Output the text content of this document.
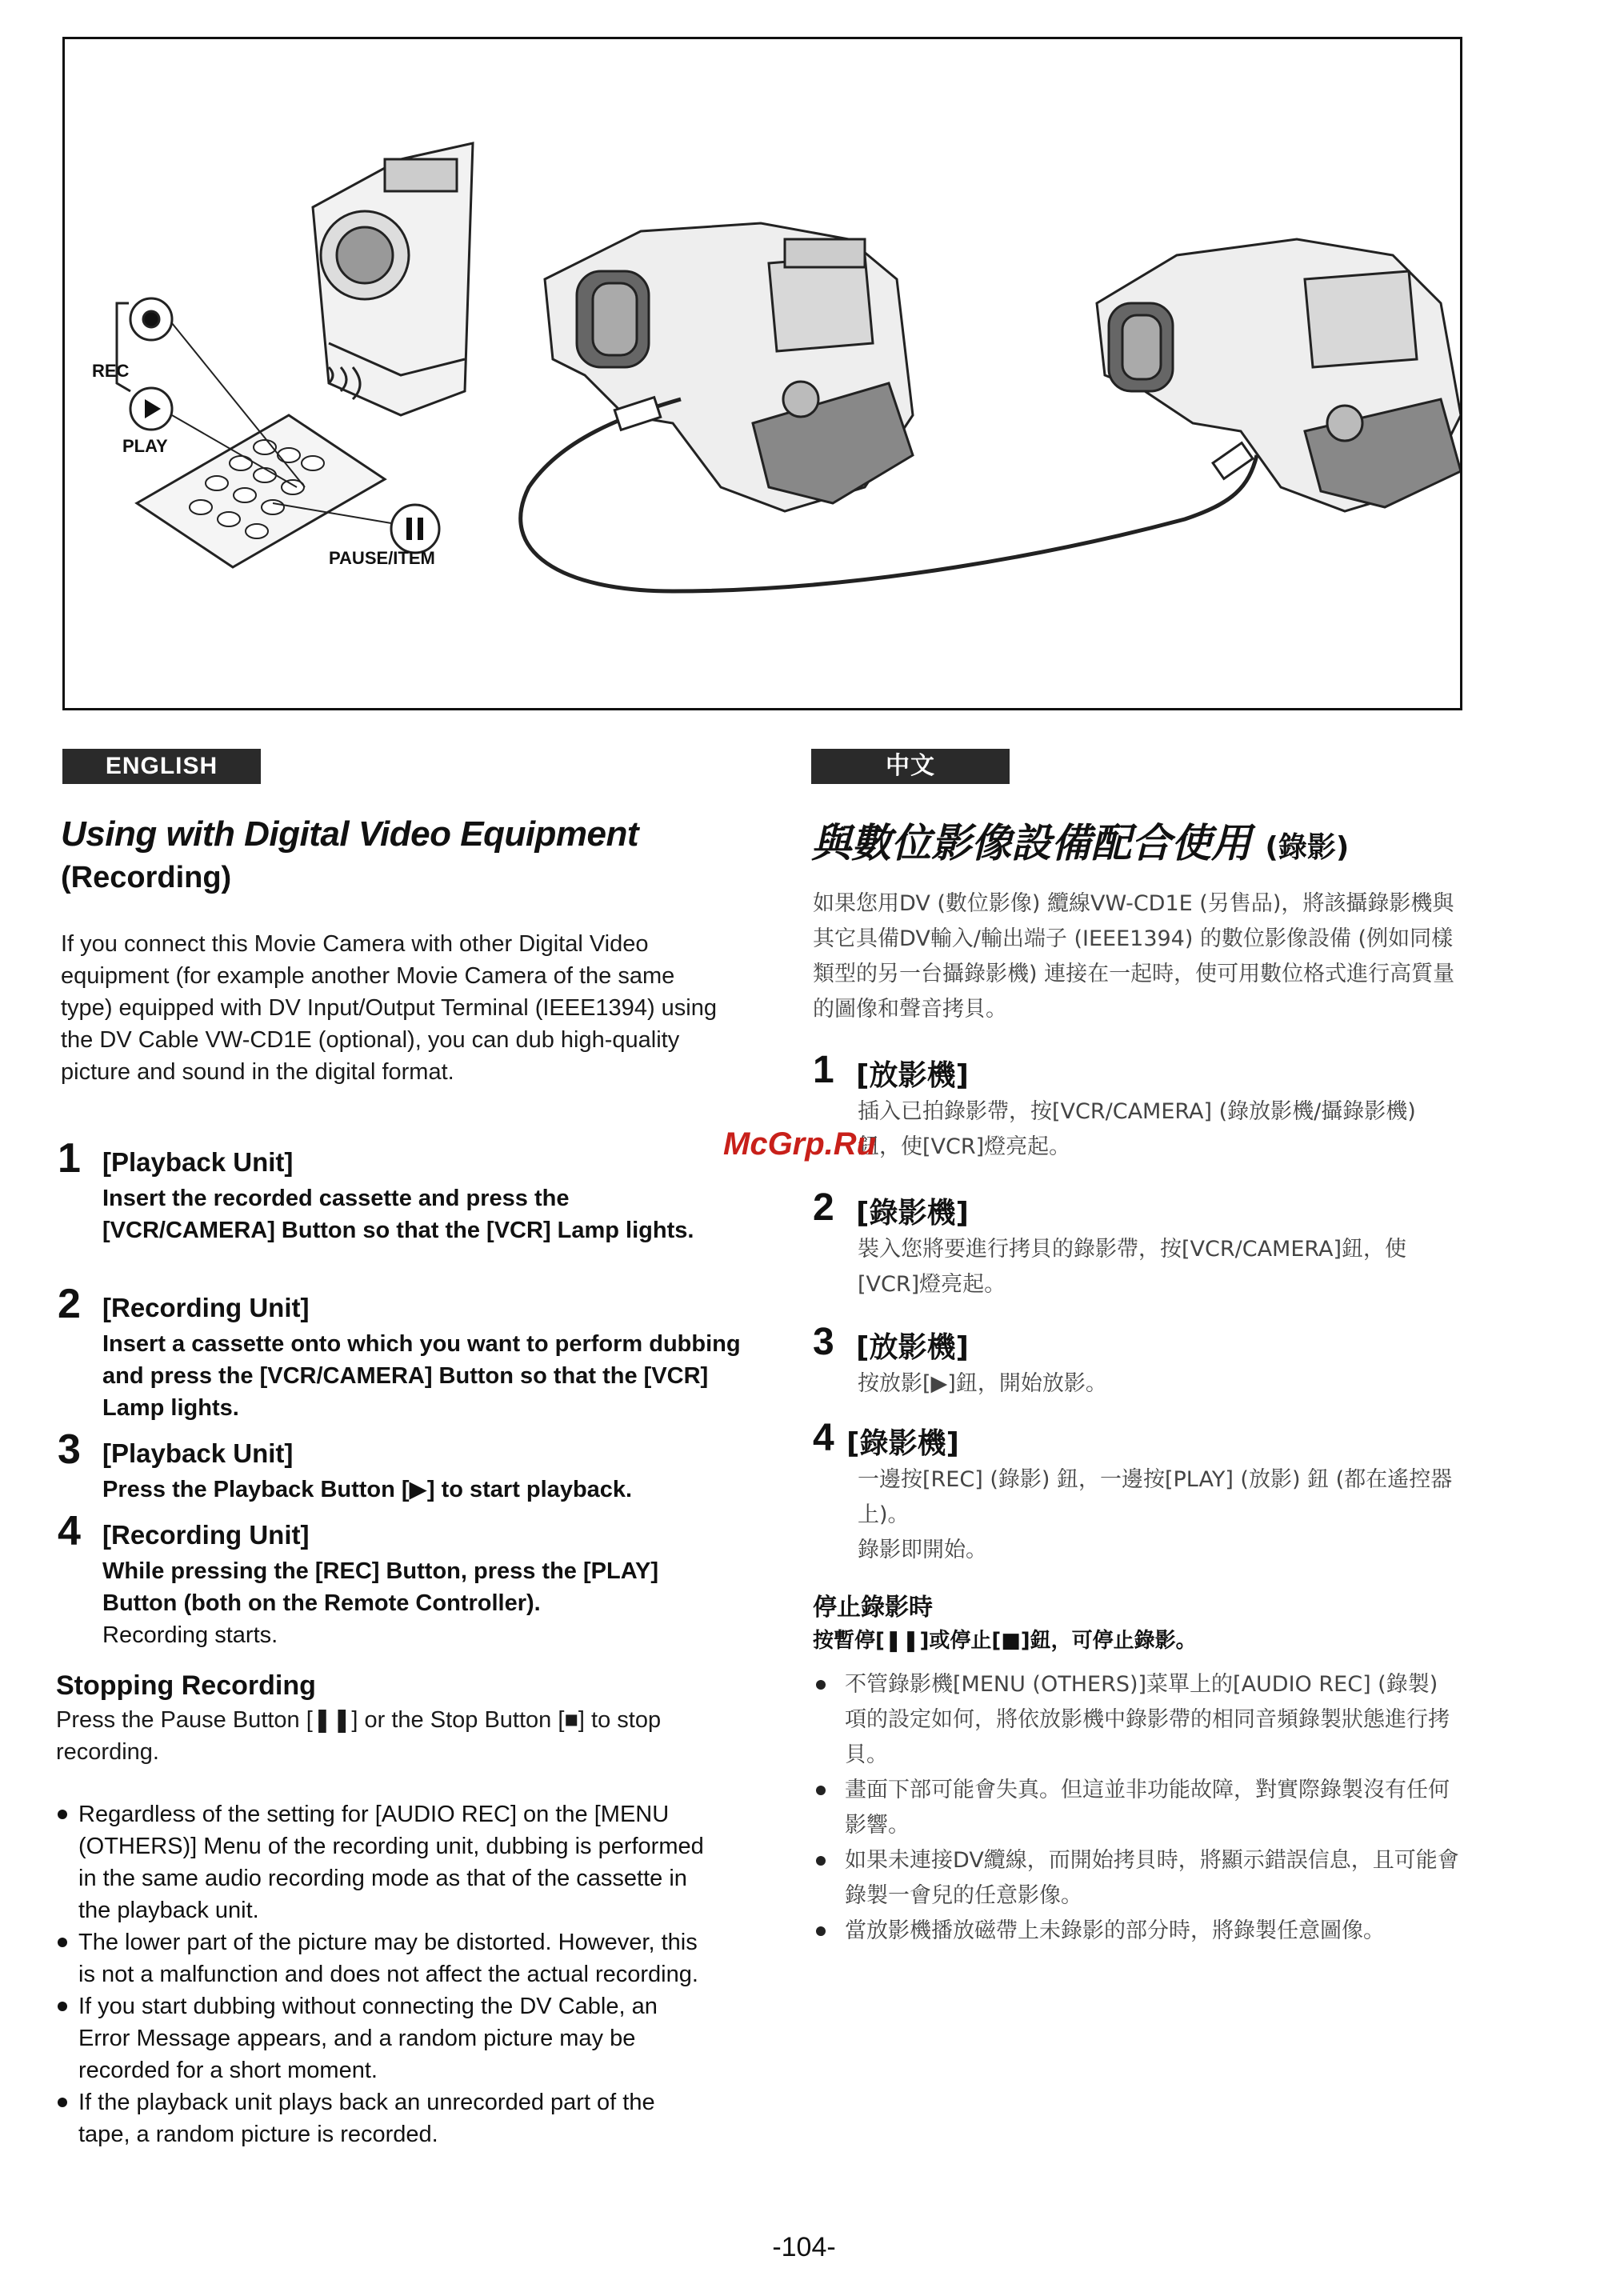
REC
PLAY
PAUSE/ITEM
ENGLISH
Using with Digital Video Equipment
(Recording)
If you connect this Movie Camera with other Digital Video equipment (for example another Movie Camera of the same type) equipped with DV Input/Output Terminal (IEEE1394) using the DV Cable VW-CD1E (optional), you can dub high-quality picture and sound in the digital format.
1 [Playback Unit]
Insert the recorded cassette and press the [VCR/CAMERA] Button so that the [VCR] Lamp lights.
2 [Recording Unit]
Insert a cassette onto which you want to perform dubbing and press the [VCR/CAMERA] Button so that the [VCR] Lamp lights.
3 [Playback Unit]
Press the Playback Button [▶] to start playback.
4 [Recording Unit]
While pressing the [REC] Button, press the [PLAY] Button (both on the Remote Controller).
Recording starts.
Stopping Recording
Press the Pause Button [❚❚] or the Stop Button [■] to stop recording.
Regardless of the setting for [AUDIO REC] on the [MENU (OTHERS)] Menu of the recording unit, dubbing is performed in the same audio recording mode as that of the cassette in the playback unit.
The lower part of the picture may be distorted. However, this is not a malfunction and does not affect the actual recording.
If you start dubbing without connecting the DV Cable, an Error Message appears, and a random picture may be recorded for a short moment.
If the playback unit plays back an unrecorded part of the tape, a random picture is recorded.
中文
與數位影像設備配合使用 (錄影)
如果您用DV (數位影像) 纜線VW-CD1E (另售品)，將該攝錄影機與其它具備DV輸入/輸出端子 (IEEE1394) 的數位影像設備 (例如同樣類型的另一台攝錄影機) 連接在一起時，使可用數位格式進行高質量的圖像和聲音拷貝。
1 [放影機]
插入已拍錄影帶，按[VCR/CAMERA] (錄放影機/攝錄影機) 鈕，使[VCR]燈亮起。
2 [錄影機]
裝入您將要進行拷貝的錄影帶，按[VCR/CAMERA]鈕，使[VCR]燈亮起。
3 [放影機]
按放影[▶]鈕，開始放影。
4 [錄影機]
一邊按[REC] (錄影) 鈕，一邊按[PLAY] (放影) 鈕 (都在遙控器上)。
錄影即開始。
停止錄影時
按暫停[❚❚]或停止[■]鈕，可停止錄影。
不管錄影機[MENU (OTHERS)]菜單上的[AUDIO REC] (錄製) 項的設定如何，將依放影機中錄影帶的相同音頻錄製狀態進行拷貝。
畫面下部可能會失真。但這並非功能故障，對實際錄製沒有任何影響。
如果未連接DV纜線，而開始拷貝時，將顯示錯誤信息，且可能會錄製一會兒的任意影像。
當放影機播放磁帶上未錄影的部分時，將錄製任意圖像。
McGrp.Ru
-104-
